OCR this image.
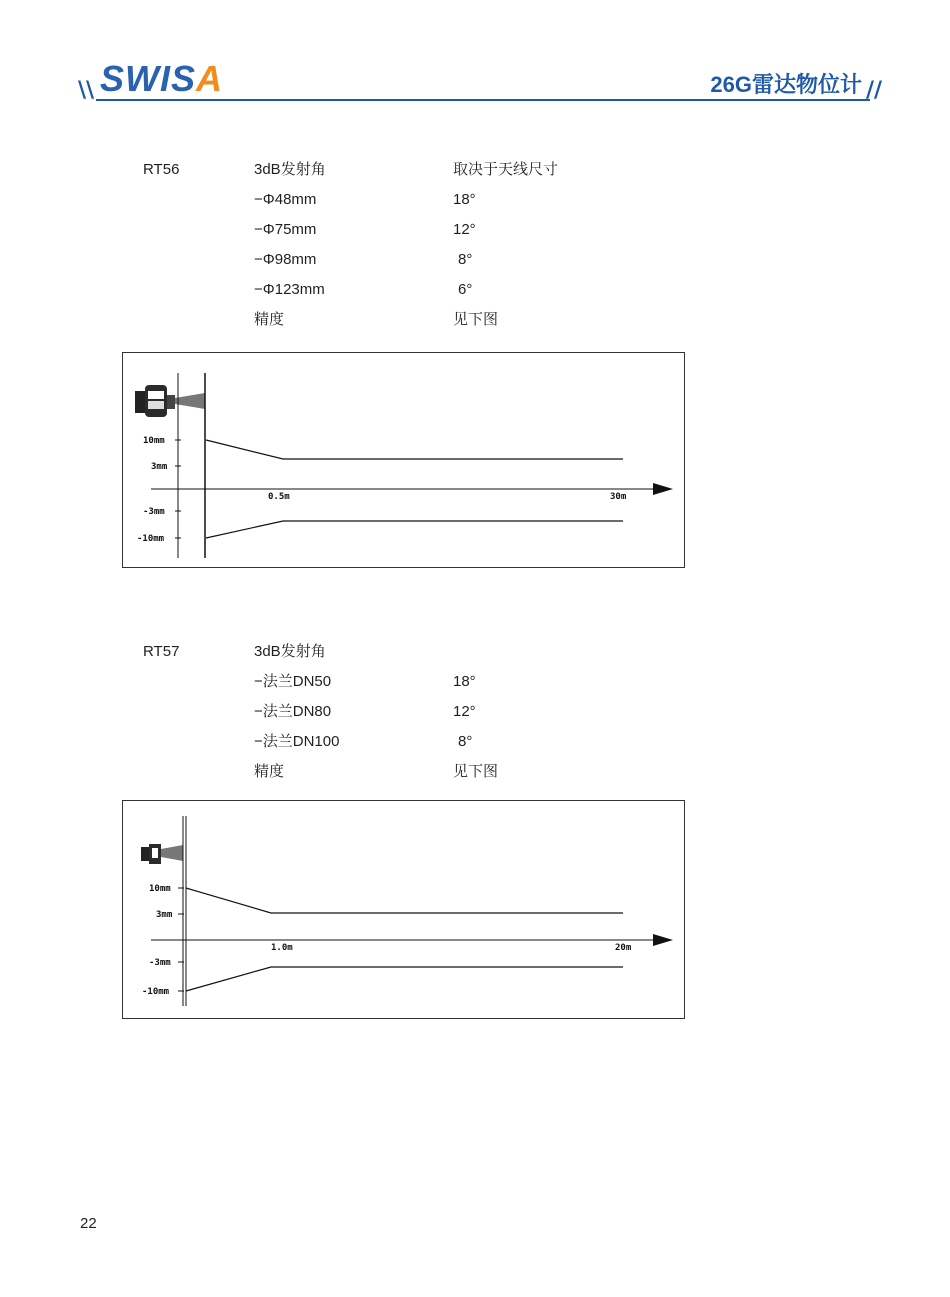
\\ SWISA	26G雷达物位计 //
RT56	3dB发射角	取决于天线尺寸
−Φ48mm	18°
−Φ75mm	12°
−Φ98mm	8°
−Φ123mm	6°
精度	见下图
10mm
3mm
-3mm
-10mm
0.5m	30m
RT57	3dB发射角
−法兰DN50	18°
−法兰DN80	12°
−法兰DN100	8°
精度	见下图
10mm
3mm
-3mm
-10mm
1.0m	20m
22
